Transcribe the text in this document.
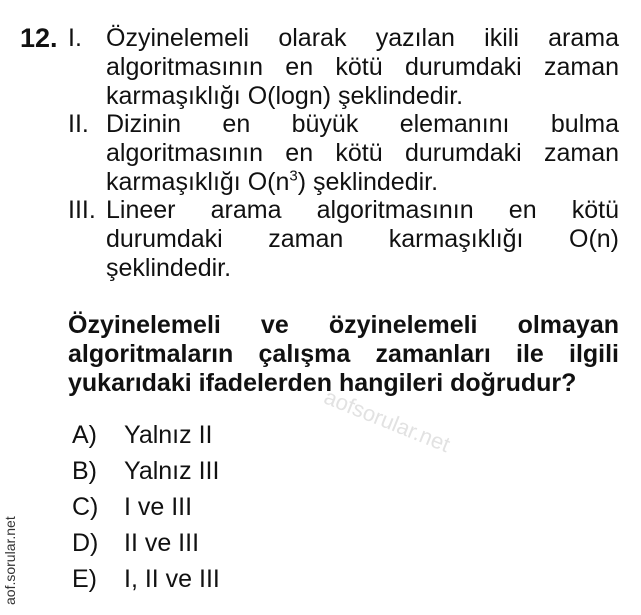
12. I. Özyinelemeli olarak yazılan ikili arama
algoritmasının en kötü durumdaki zaman
karmaşıklığı O(logn) şeklindedir.
II. Dizinin en büyük elemanını bulma
algoritmasının en kötü durumdaki zaman
karmaşıklığı $O(n^3)$ şeklindedir.
III. Lineer arama algoritmasının en kötü
durumdaki zaman karmaşıklığı O(n)
şeklindedir.
Özyinelemeli ve özyinelemeli olmayan
algoritmaların çalışma zamanları ile ilgili
yukarıdaki ifadelerden hangileri doğrudur?
A) Yalnız II
B) Yalnız III
C) I ve III
D) II ve III
E) I, II ve III
aofsorular.net
aof.sorular.net
